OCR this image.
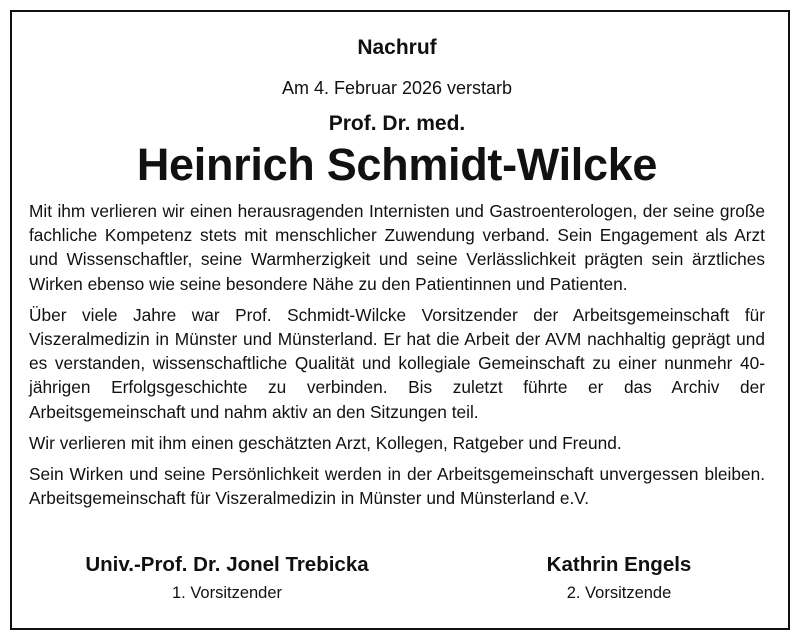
Nachruf
Am 4. Februar 2026 verstarb
Prof. Dr. med.
Heinrich Schmidt-Wilcke

Mit ihm verlieren wir einen herausragenden Internisten und Gastroenterologen, der seine große fachliche Kompetenz stets mit menschlicher Zuwendung verband. Sein Engagement als Arzt und Wissenschaftler, seine Warmherzigkeit und seine Verlässlichkeit prägten sein ärztliches Wirken ebenso wie seine besondere Nähe zu den Patientinnen und Patienten.

Über viele Jahre war Prof. Schmidt-Wilcke Vorsitzender der Arbeitsgemeinschaft für Viszeralmedizin in Münster und Münsterland. Er hat die Arbeit der AVM nachhaltig geprägt und es verstanden, wissenschaftliche Qualität und kollegiale Gemeinschaft zu einer nunmehr 40-jährigen Erfolgsgeschichte zu verbinden. Bis zuletzt führte er das Archiv der Arbeitsgemeinschaft und nahm aktiv an den Sitzungen teil.

Wir verlieren mit ihm einen geschätzten Arzt, Kollegen, Ratgeber und Freund.

Sein Wirken und seine Persönlichkeit werden in der Arbeitsgemeinschaft unvergessen bleiben. Arbeitsgemeinschaft für Viszeralmedizin in Münster und Münsterland e.V.

Univ.-Prof. Dr. Jonel Trebicka
1. Vorsitzender
Kathrin Engels
2. Vorsitzende
